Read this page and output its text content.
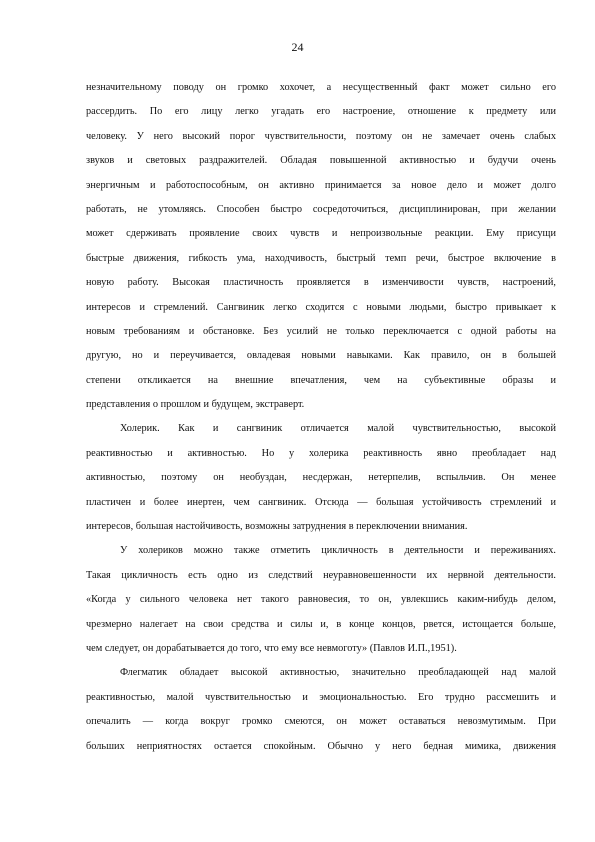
24
незначительному поводу он громко хохочет, а несущественный факт может сильно его
рассердить. По его лицу легко угадать его настроение, отношение к предмету или
человеку. У него высокий порог чувствительности, поэтому он не замечает очень слабых
звуков и световых раздражителей. Обладая повышенной активностью и будучи очень
энергичным и работоспособным, он активно принимается за новое дело и может долго
работать, не утомляясь. Способен быстро сосредоточиться, дисциплинирован, при желании
может сдерживать проявление своих чувств и непроизвольные реакции. Ему присущи
быстрые движения, гибкость ума, находчивость, быстрый темп речи, быстрое включение в
новую работу. Высокая пластичность проявляется в изменчивости чувств, настроений,
интересов и стремлений. Сангвиник легко сходится с новыми людьми, быстро привыкает к
новым требованиям и обстановке. Без усилий не только переключается с одной работы на
другую, но и переучивается, овладевая новыми навыками. Как правило, он в большей
степени откликается на внешние впечатления, чем на субъективные образы и
представления о прошлом и будущем, экстраверт.
Холерик. Как и сангвиник отличается малой чувствительностью, высокой
реактивностью и активностью. Но у холерика реактивность явно преобладает над
активностью, поэтому он необуздан, несдержан, нетерпелив, вспыльчив. Он менее
пластичен и более инертен, чем сангвиник. Отсюда — большая устойчивость стремлений и
интересов, большая настойчивость, возможны затруднения в переключении внимания.
У холериков можно также отметить цикличность в деятельности и переживаниях.
Такая цикличность есть одно из следствий неуравновешенности их нервной деятельности.
«Когда у сильного человека нет такого равновесия, то он, увлекшись каким-нибудь делом,
чрезмерно налегает на свои средства и силы и, в конце концов, рвется, истощается больше,
чем следует, он дорабатывается до того, что ему все невмоготу» (Павлов И.П.,1951).
Флегматик обладает высокой активностью, значительно преобладающей над малой
реактивностью, малой чувствительностью и эмоциональностью. Его трудно рассмешить и
опечалить — когда вокруг громко смеются, он может оставаться невозмутимым. При
больших неприятностях остается спокойным. Обычно у него бедная мимика, движения
